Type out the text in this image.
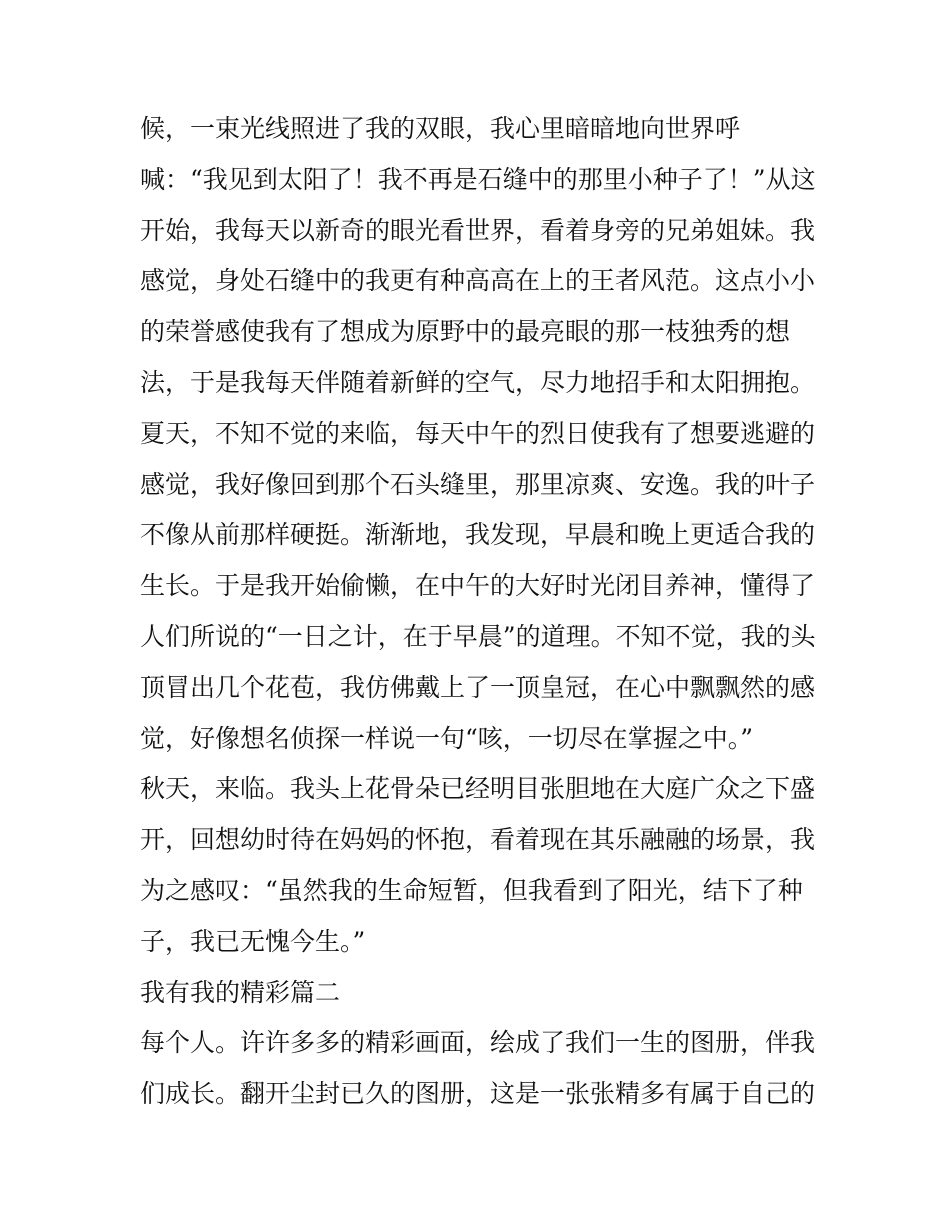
候，一束光线照进了我的双眼，我心里暗暗地向世界呼
喊：“我见到太阳了！我不再是石缝中的那里小种子了！”从这
开始，我每天以新奇的眼光看世界，看着身旁的兄弟姐妹。我
感觉，身处石缝中的我更有种高高在上的王者风范。这点小小
的荣誉感使我有了想成为原野中的最亮眼的那一枝独秀的想
法，于是我每天伴随着新鲜的空气，尽力地招手和太阳拥抱。
夏天，不知不觉的来临，每天中午的烈日使我有了想要逃避的
感觉，我好像回到那个石头缝里，那里凉爽、安逸。我的叶子
不像从前那样硬挺。渐渐地，我发现，早晨和晚上更适合我的
生长。于是我开始偷懒，在中午的大好时光闭目养神，懂得了
人们所说的“一日之计，在于早晨”的道理。不知不觉，我的头
顶冒出几个花苞，我仿佛戴上了一顶皇冠，在心中飘飘然的感
觉，好像想名侦探一样说一句“咳，一切尽在掌握之中。”
秋天，来临。我头上花骨朵已经明目张胆地在大庭广众之下盛
开，回想幼时待在妈妈的怀抱，看着现在其乐融融的场景，我
为之感叹：“虽然我的生命短暂，但我看到了阳光，结下了种
子，我已无愧今生。”
我有我的精彩篇二
每个人。许许多多的精彩画面，绘成了我们一生的图册，伴我
们成长。翻开尘封已久的图册，这是一张张精多有属于自己的
